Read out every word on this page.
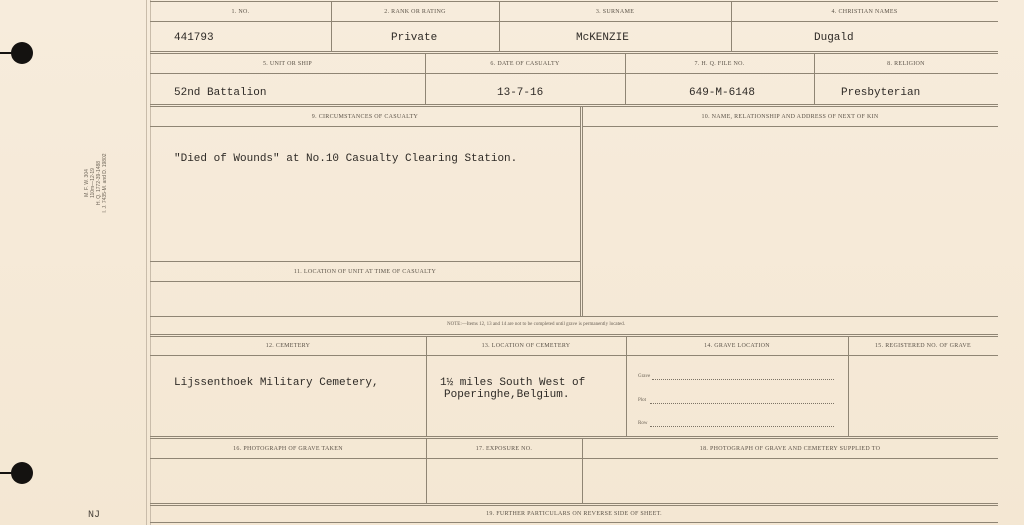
M. F. W. 304 110m—12-19 H. Q. 1772-39-1488 I. J. 7435-M. and D. 19802
NJ
1. NO.	2. RANK OR RATING	3. SURNAME	4. CHRISTIAN NAMES
441793	Private	McKENZIE	Dugald
5. UNIT OR SHIP	6. DATE OF CASUALTY	7. H. Q. FILE NO.	8. RELIGION
52nd Battalion	13-7-16	649-M-6148	Presbyterian
9. CIRCUMSTANCES OF CASUALTY	10. NAME, RELATIONSHIP AND ADDRESS OF NEXT OF KIN
"Died of Wounds" at No.10 Casualty Clearing Station.
11. LOCATION OF UNIT AT TIME OF CASUALTY
NOTE:—Items 12, 13 and 14 are not to be completed until grave is permanently located.
12. CEMETERY	13. LOCATION OF CEMETERY	14. GRAVE LOCATION	15. REGISTERED NO. OF GRAVE
Lijssenthoek Military Cemetery,	1½ miles South West of
Poperinghe,Belgium.
Grave
Plot
Row
16. PHOTOGRAPH OF GRAVE TAKEN	17. EXPOSURE NO.	18. PHOTOGRAPH OF GRAVE AND CEMETERY SUPPLIED TO
19. FURTHER PARTICULARS ON REVERSE SIDE OF SHEET.
